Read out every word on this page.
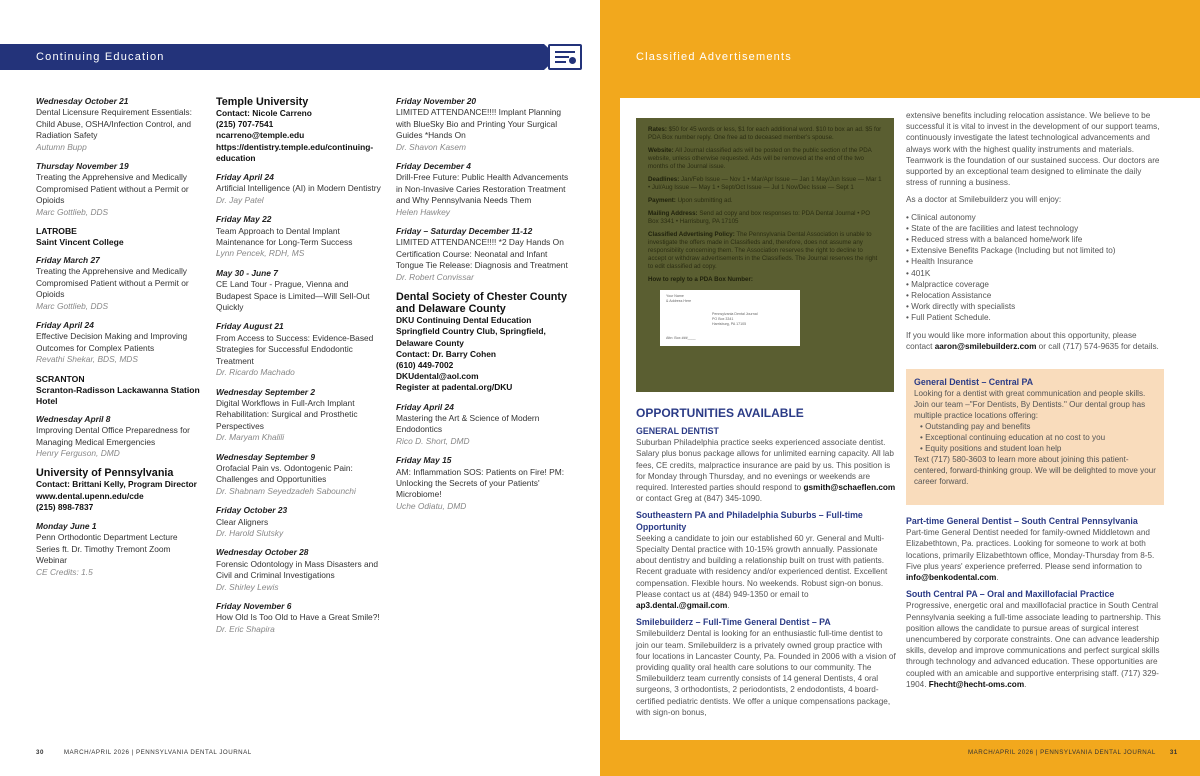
Continuing Education	Classified Advertisements
Wednesday October 21
Dental Licensure Requirement Essentials: Child Abuse, OSHA/Infection Control, and Radiation Safety
Autumn Bupp
Thursday November 19
Treating the Apprehensive and Medically Compromised Patient without a Permit or Opioids
Marc Gottlieb, DDS
LATROBE
Saint Vincent College
Friday March 27
Treating the Apprehensive and Medically Compromised Patient without a Permit or Opioids
Marc Gottlieb, DDS
Friday April 24
Effective Decision Making and Improving Outcomes for Complex Patients
Revathi Shekar, BDS, MDS
SCRANTON
Scranton-Radisson Lackawanna Station Hotel
Wednesday April 8
Improving Dental Office Preparedness for Managing Medical Emergencies
Henry Ferguson, DMD
University of Pennsylvania
Contact: Brittani Kelly, Program Director
www.dental.upenn.edu/cde
(215) 898-7837
Monday June 1
Penn Orthodontic Department Lecture Series ft. Dr. Timothy Tremont Zoom Webinar
CE Credits: 1.5
Temple University
Contact: Nicole Carreno
(215) 707-7541
ncarreno@temple.edu
https://dentistry.temple.edu/continuing-education
Friday April 24
Artificial Intelligence (AI) in Modern Dentistry
Dr. Jay Patel
Friday May 22
Team Approach to Dental Implant Maintenance for Long-Term Success
Lynn Pencek, RDH, MS
May 30 - June 7
CE Land Tour - Prague, Vienna and Budapest Space is Limited—Will Sell-Out Quickly
Friday August 21
From Access to Success: Evidence-Based Strategies for Successful Endodontic Treatment
Dr. Ricardo Machado
Wednesday September 2
Digital Workflows in Full-Arch Implant Rehabilitation: Surgical and Prosthetic Perspectives
Dr. Maryam Khalili
Wednesday September 9
Orofacial Pain vs. Odontogenic Pain: Challenges and Opportunities
Dr. Shabnam Seyedzadeh Sabounchi
Friday October 23
Clear Aligners
Dr. Harold Slutsky
Wednesday October 28
Forensic Odontology in Mass Disasters and Civil and Criminal Investigations
Dr. Shirley Lewis
Friday November 6
How Old Is Too Old to Have a Great Smile?!
Dr. Eric Shapira
Friday November 20
LIMITED ATTENDANCE!!!! Implant Planning with BlueSky Bio and Printing Your Surgical Guides *Hands On
Dr. Shavon Kasem
Friday December 4
Drill-Free Future: Public Health Advancements in Non-Invasive Caries Restoration Treatment and Why Pennsylvania Needs Them
Helen Hawkey
Friday – Saturday December 11-12
LIMITED ATTENDANCE!!!! *2 Day Hands On Certification Course: Neonatal and Infant Tongue Tie Release: Diagnosis and Treatment
Dr. Robert Convissar
Dental Society of Chester County and Delaware County
DKU Continuing Dental Education
Springfield Country Club, Springfield, Delaware County
Contact: Dr. Barry Cohen
(610) 449-7002
DKUdental@aol.com
Register at padental.org/DKU
Friday April 24
Mastering the Art & Science of Modern Endodontics
Rico D. Short, DMD
Friday May 15
AM: Inflammation SOS: Patients on Fire! PM: Unlocking the Secrets of your Patients' Microbiome!
Uche Odiatu, DMD

Rates: $50 for 45 words or less, $1 for each additional word. $10 to box an ad. $5 for PDA Box number reply. One free ad to deceased member's spouse.

Website: All Journal classified ads will be posted on the public section of the PDA website, unless otherwise requested. Ads will be removed at the end of the two months of the Journal issue.

Deadlines: Jan/Feb Issue — Nov 1 • Mar/Apr Issue — Jan 1 May/Jun Issue — Mar 1 • Jul/Aug Issue — May 1 • Sept/Oct Issue — Jul 1 Nov/Dec Issue — Sept 1

Payment: Upon submitting ad.

Mailing Address: Send ad copy and box responses to: PDA Dental Journal • PO Box 3341 • Harrisburg, PA 17105

Classified Advertising Policy: The Pennsylvania Dental Association is unable to investigate the offers made in Classifieds and, therefore, does not assume any responsibility concerning them. The Association reserves the right to decline to accept or withdraw advertisements in the Classifieds. The Journal reserves the right to edit classified ad copy.

How to reply to a PDA Box Number:

Your Name
& Address Here
Pennsylvania Dental Journal
PO Box 3341
Harrisburg, PA 17105
Attn: Box ###____
OPPORTUNITIES AVAILABLE
GENERAL DENTIST
Suburban Philadelphia practice seeks experienced associate dentist. Salary plus bonus package allows for unlimited earning capacity. All lab fees, CE credits, malpractice insurance are paid by us. This position is for Monday through Thursday, and no evenings or weekends are required. Interested parties should respond to gsmith@schaeflen.com or contact Greg at (847) 345-1090.
Southeastern PA and Philadelphia Suburbs – Full-time Opportunity
Seeking a candidate to join our established 60 yr. General and Multi-Specialty Dental practice with 10-15% growth annually. Passionate about dentistry and building a relationship built on trust with patients. Recent graduate with residency and/or experienced dentist. Excellent compensation. Flexible hours. No weekends. Robust sign-on bonus. Please contact us at (484) 949-1350 or email to ap3.dental.@gmail.com.
Smilebuilderz – Full-Time General Dentist – PA
Smilebuilderz Dental is looking for an enthusiastic full-time dentist to join our team. Smilebuilderz is a privately owned group practice with four locations in Lancaster County, Pa. Founded in 2006 with a vision of providing quality oral health care solutions to our community. The Smilebuilderz team currently consists of 14 general Dentists, 4 oral surgeons, 3 orthodontists, 2 periodontists, 2 endodontists, 4 board-certified pediatric dentists. We offer a unique compensations package, with sign-on bonus,
extensive benefits including relocation assistance. We believe to be successful it is vital to invest in the development of our support teams, continuously investigate the latest technological advancements and always work with the highest quality instruments and materials. Teamwork is the foundation of our sustained success. Our doctors are supported by an exceptional team designed to eliminate the daily stress of running a business.
As a doctor at Smilebuilderz you will enjoy:
• Clinical autonomy
• State of the are facilities and latest technology
• Reduced stress with a balanced home/work life
• Extensive Benefits Package (Including but not limited to)
• Health Insurance
• 401K
• Malpractice coverage
• Relocation Assistance
• Work directly with specialists
• Full Patient Schedule.
If you would like more information about this opportunity, please contact aaron@smilebuilderz.com or call (717) 574-9635 for details.
General Dentist – Central PA
Looking for a dentist with great communication and people skills. Join our team –"For Dentists, By Dentists." Our dental group has multiple practice locations offering:
• Outstanding pay and benefits
• Exceptional continuing education at no cost to you
• Equity positions and student loan help
Text (717) 580-3603 to learn more about joining this patient-centered, forward-thinking group. We will be delighted to move your career forward.
Part-time General Dentist – South Central Pennsylvania
Part-time General Dentist needed for family-owned Middletown and Elizabethtown, Pa. practices. Looking for someone to work at both locations, primarily Elizabethtown office, Monday-Thursday from 8-5. Five plus years' experience preferred. Please send information to info@benkodental.com.
South Central PA – Oral and Maxillofacial Practice
Progressive, energetic oral and maxillofacial practice in South Central Pennsylvania seeking a full-time associate leading to partnership. This position allows the candidate to pursue areas of surgical interest unencumbered by corporate constraints. One can advance leadership skills, develop and improve communications and perfect surgical skills through technology and advanced education. These opportunities are coupled with an amicable and supportive enterprising staff. (717) 329-1904. Fhecht@hecht-oms.com.
30	MARCH/APRIL 2026 | PENNSYLVANIA DENTAL JOURNAL	MARCH/APRIL 2026 | PENNSYLVANIA DENTAL JOURNAL 31
